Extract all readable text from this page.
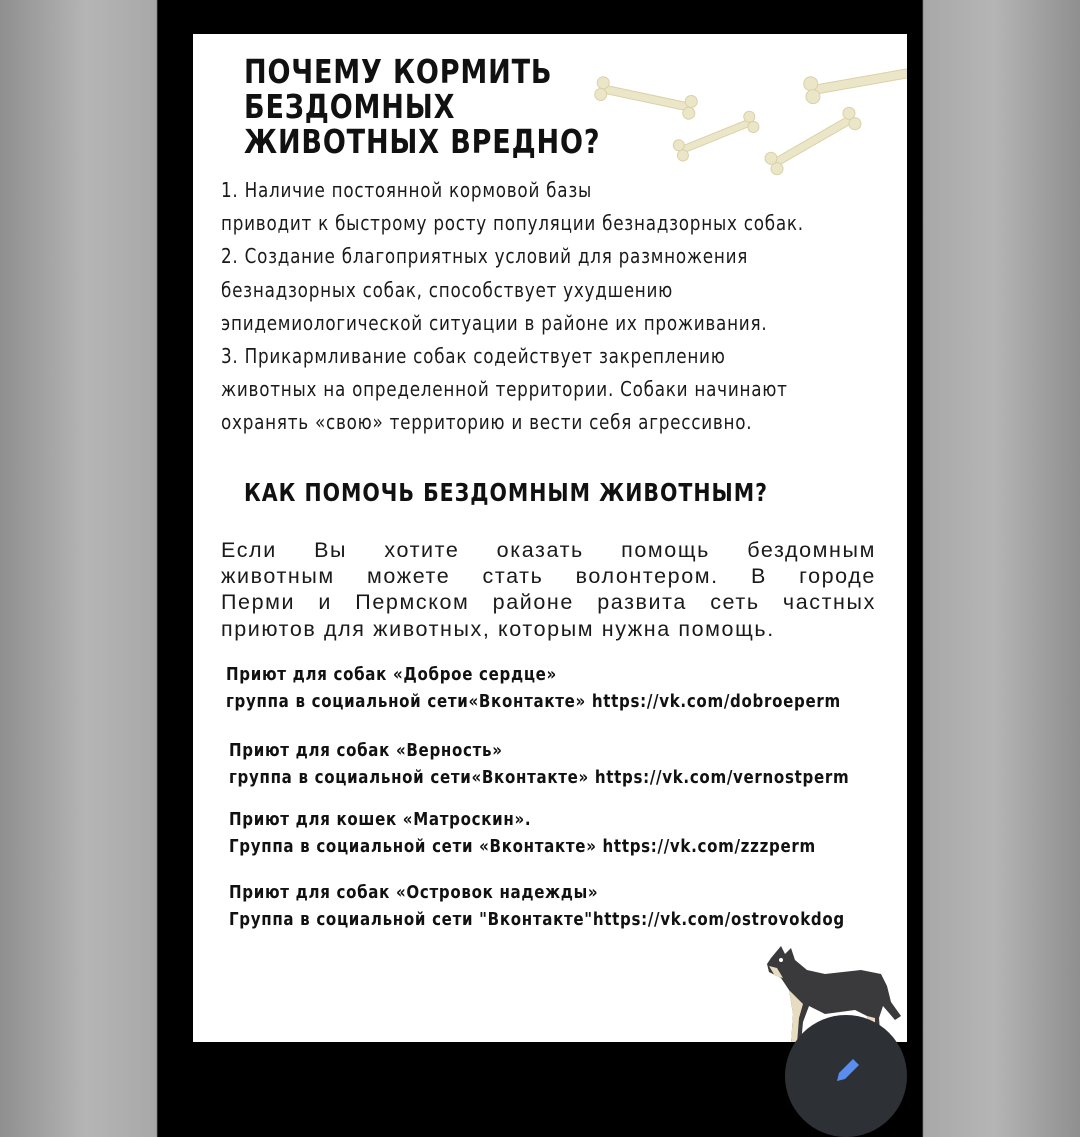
ПОЧЕМУ КОРМИТЬ
БЕЗДОМНЫХ
ЖИВОТНЫХ ВРЕДНО?
1. Наличие постоянной кормовой базы
приводит к быстрому росту популяции безнадзорных собак.
2. Создание благоприятных условий для размножения
безнадзорных собак, способствует ухудшению
эпидемиологической ситуации в районе их проживания.
3. Прикармливание собак содействует закреплению
животных на определенной территории. Собаки начинают
охранять «свою» территорию и вести себя агрессивно.
КАК ПОМОЧЬ БЕЗДОМНЫМ ЖИВОТНЫМ?
Если Вы хотите оказать помощь бездомным
животным можете стать волонтером. В городе
Перми и Пермском районе развита сеть частных
приютов для животных, которым нужна помощь.
Приют для собак «Доброе сердце»
группа в социальной сети«Вконтакте» https://vk.com/dobroeperm
Приют для собак «Верность»
группа в социальной сети«Вконтакте» https://vk.com/vernostperm
Приют для кошек «Матроскин».
Группа в социальной сети «Вконтакте» https://vk.com/zzzperm
Приют для собак «Островок надежды»
Группа в социальной сети "Вконтакте"https://vk.com/ostrovokdog
